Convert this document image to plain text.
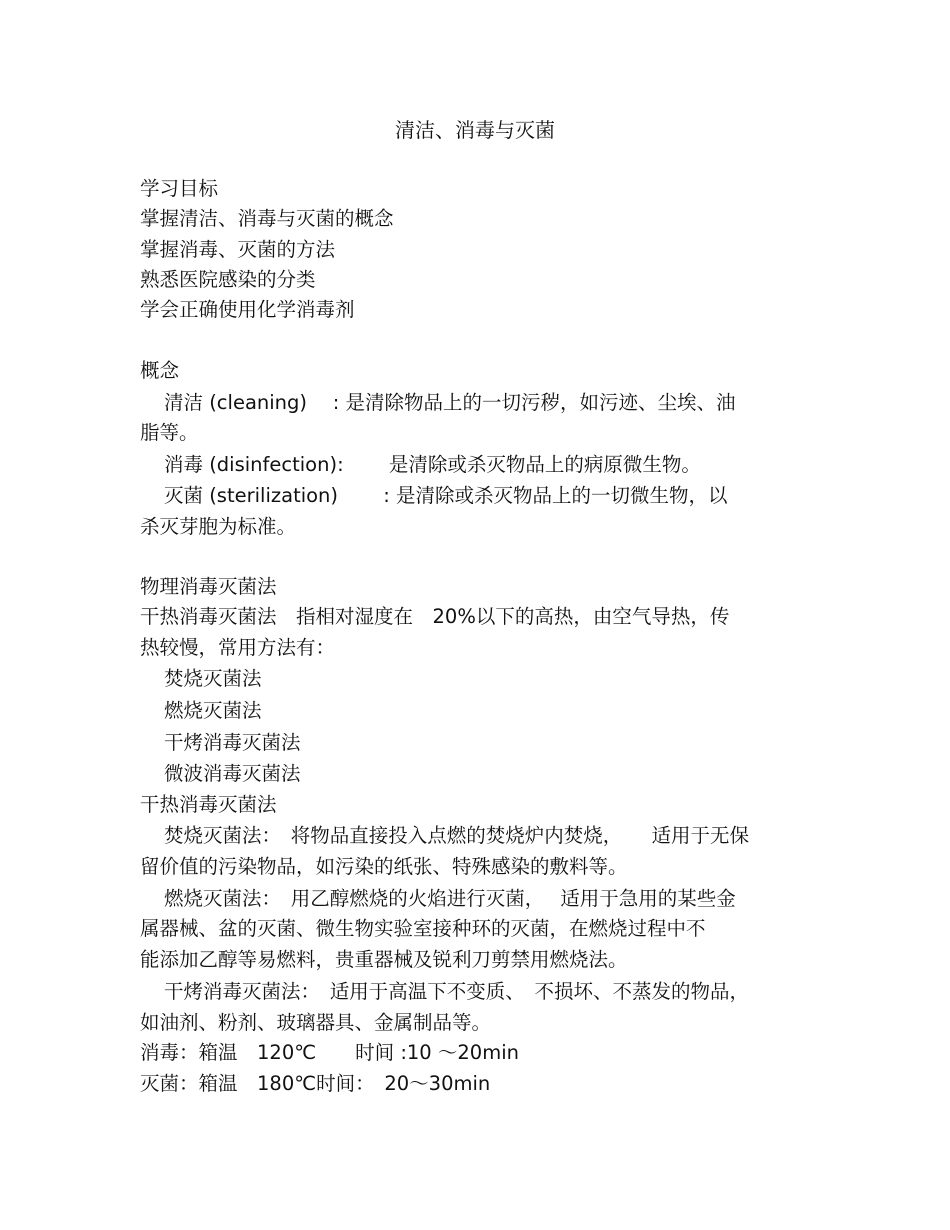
清洁、消毒与灭菌
学习目标
掌握清洁、消毒与灭菌的概念
掌握消毒、灭菌的方法
熟悉医院感染的分类
学会正确使用化学消毒剂
概念
清洁 (cleaning)　 : 是清除物品上的一切污秽，如污迹、尘埃、油
脂等。
消毒 (disinfection):　　 是清除或杀灭物品上的病原微生物。
灭菌 (sterilization)　　 : 是清除或杀灭物品上的一切微生物，以
杀灭芽胞为标准。
物理消毒灭菌法
干热消毒灭菌法　指相对湿度在　20%以下的高热，由空气导热，传
热较慢，常用方法有：
焚烧灭菌法
燃烧灭菌法
干烤消毒灭菌法
微波消毒灭菌法
干热消毒灭菌法
焚烧灭菌法：　将物品直接投入点燃的焚烧炉内焚烧，　　适用于无保
留价值的污染物品，如污染的纸张、特殊感染的敷料等。
燃烧灭菌法：　用乙醇燃烧的火焰进行灭菌，　 适用于急用的某些金
属器械、盆的灭菌、微生物实验室接种环的灭菌，在燃烧过程中不
能添加乙醇等易燃料，贵重器械及锐利刀剪禁用燃烧法。
干烤消毒灭菌法：　适用于高温下不变质、　不损坏、不蒸发的物品，
如油剂、粉剂、玻璃器具、金属制品等。
消毒：箱温　120℃　　时间 :10 ～20min
灭菌：箱温　180℃时间：　20～30min
